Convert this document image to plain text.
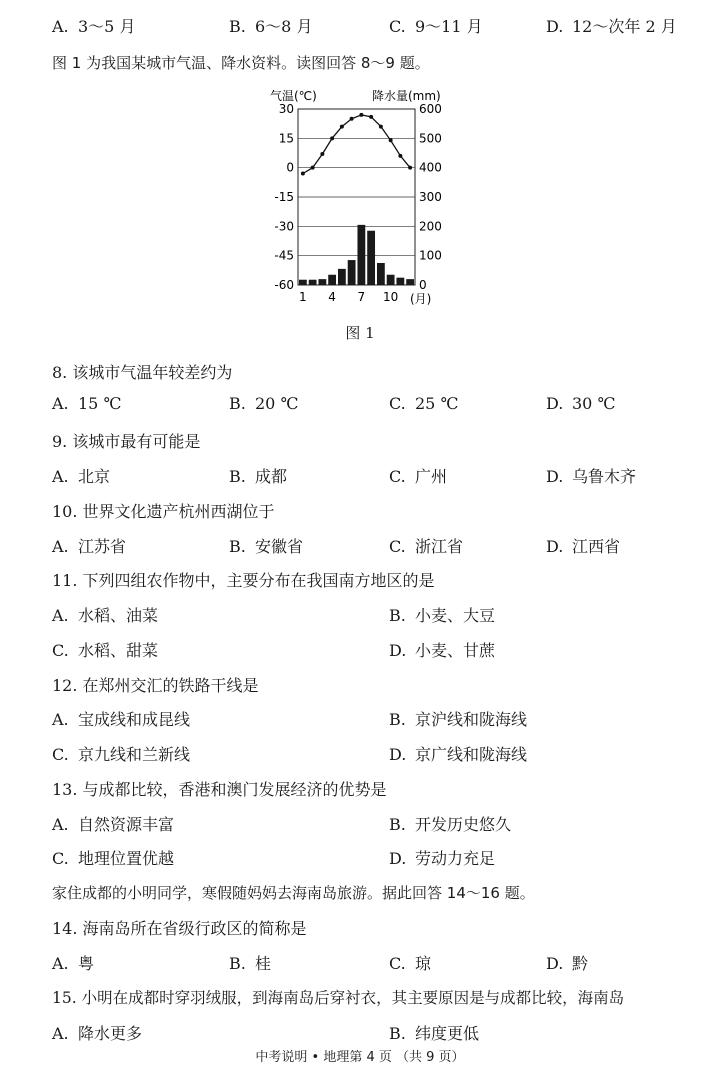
A. 3～5 月	B. 6～8 月	C. 9～11 月	D. 12～次年 2 月
图 1 为我国某城市气温、降水资料。读图回答 8～9 题。
气温(℃)	降水量(mm)
30
15
0
-15
-30
-45
-60
600
500
400
300
200
100
0
1 4 7 10 (月)
图 1
8. 该城市气温年较差约为
A. 15 ℃	B. 20 ℃	C. 25 ℃	D. 30 ℃
9. 该城市最有可能是
A. 北京	B. 成都	C. 广州	D. 乌鲁木齐
10. 世界文化遗产杭州西湖位于
A. 江苏省	B. 安徽省	C. 浙江省	D. 江西省
11. 下列四组农作物中，主要分布在我国南方地区的是
A. 水稻、油菜	B. 小麦、大豆
C. 水稻、甜菜	D. 小麦、甘蔗
12. 在郑州交汇的铁路干线是
A. 宝成线和成昆线	B. 京沪线和陇海线
C. 京九线和兰新线	D. 京广线和陇海线
13. 与成都比较，香港和澳门发展经济的优势是
A. 自然资源丰富	B. 开发历史悠久
C. 地理位置优越	D. 劳动力充足
家住成都的小明同学，寒假随妈妈去海南岛旅游。据此回答 14～16 题。
14. 海南岛所在省级行政区的简称是
A. 粤	B. 桂	C. 琼	D. 黔
15. 小明在成都时穿羽绒服，到海南岛后穿衬衣，其主要原因是与成都比较，海南岛
A. 降水更多	B. 纬度更低
中考说明 • 地理第 4 页 （共 9 页）
